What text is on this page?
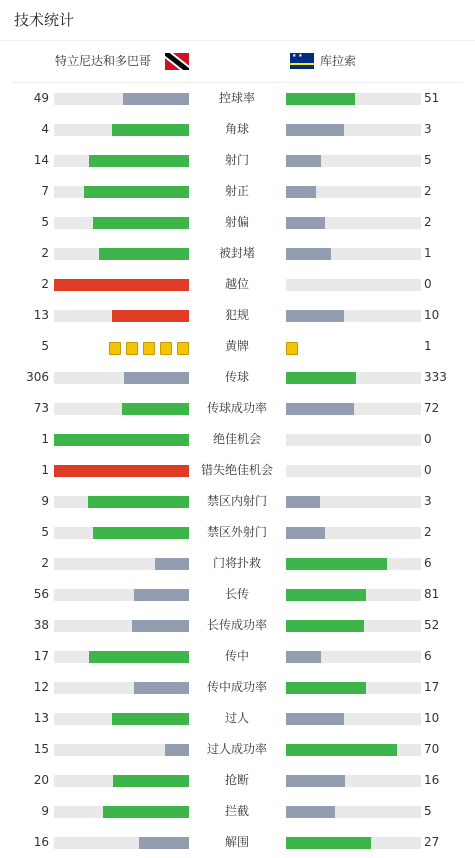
技术统计
特立尼达和多巴哥	★ ★ 库拉索
49	控球率	51
4	角球	3
14	射门	5
7	射正	2
5	射偏	2
2	被封堵	1
2	越位	0
13	犯规	10
5	黄牌	1
306	传球	333
73	传球成功率	72
1	绝佳机会	0
1	错失绝佳机会	0
9	禁区内射门	3
5	禁区外射门	2
2	门将扑救	6
56	长传	81
38	长传成功率	52
17	传中	6
12	传中成功率	17
13	过人	10
15	过人成功率	70
20	抢断	16
9	拦截	5
16	解围	27
